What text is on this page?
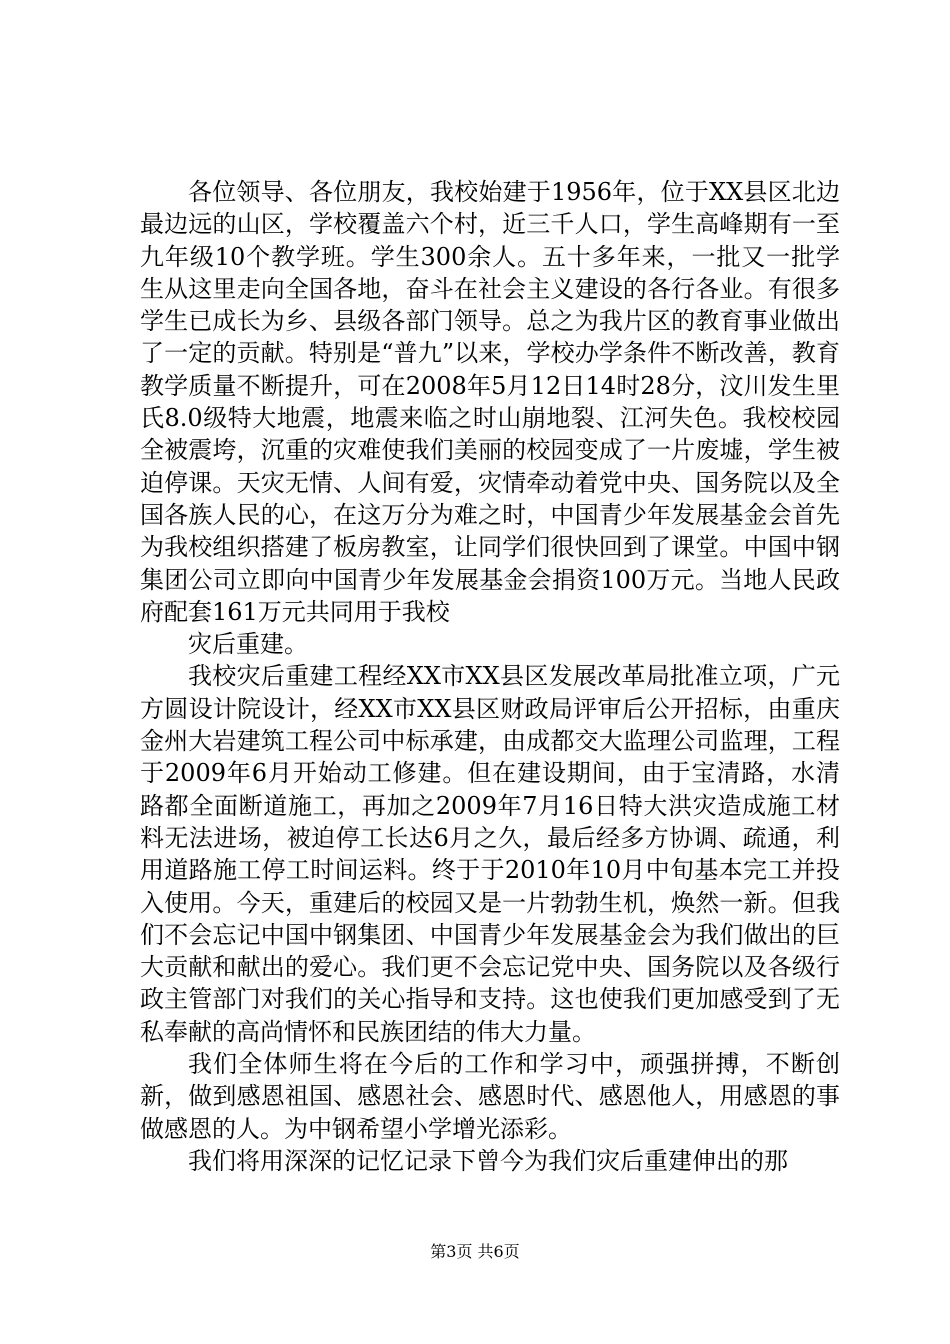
各位领导、各位朋友，我校始建于1956年，位于XX县区北边最边远的山区，学校覆盖六个村，近三千人口，学生高峰期有一至九年级10个教学班。学生300余人。五十多年来，一批又一批学生从这里走向全国各地，奋斗在社会主义建设的各行各业。有很多学生已成长为乡、县级各部门领导。总之为我片区的教育事业做出了一定的贡献。特别是“普九”以来，学校办学条件不断改善，教育教学质量不断提升，可在2008年5月12日14时28分，汶川发生里氏8.0级特大地震，地震来临之时山崩地裂、江河失色。我校校园全被震垮，沉重的灾难使我们美丽的校园变成了一片废墟，学生被迫停课。天灾无情、人间有爱，灾情牵动着党中央、国务院以及全国各族人民的心，在这万分为难之时，中国青少年发展基金会首先为我校组织搭建了板房教室，让同学们很快回到了课堂。中国中钢集团公司立即向中国青少年发展基金会捐资100万元。当地人民政府配套161万元共同用于我校

灾后重建。

我校灾后重建工程经XX市XX县区发展改革局批准立项，广元方圆设计院设计，经XX市XX县区财政局评审后公开招标，由重庆金州大岩建筑工程公司中标承建，由成都交大监理公司监理，工程于2009年6月开始动工修建。但在建设期间，由于宝清路，水清路都全面断道施工，再加之2009年7月16日特大洪灾造成施工材料无法进场，被迫停工长达6月之久，最后经多方协调、疏通，利用道路施工停工时间运料。终于于2010年10月中旬基本完工并投入使用。今天，重建后的校园又是一片勃勃生机，焕然一新。但我们不会忘记中国中钢集团、中国青少年发展基金会为我们做出的巨大贡献和献出的爱心。我们更不会忘记党中央、国务院以及各级行政主管部门对我们的关心指导和支持。这也使我们更加感受到了无私奉献的高尚情怀和民族团结的伟大力量。

我们全体师生将在今后的工作和学习中，顽强拼搏，不断创新，做到感恩祖国、感恩社会、感恩时代、感恩他人，用感恩的事做感恩的人。为中钢希望小学增光添彩。

我们将用深深的记忆记录下曾今为我们灾后重建伸出的那

第3页 共6页
